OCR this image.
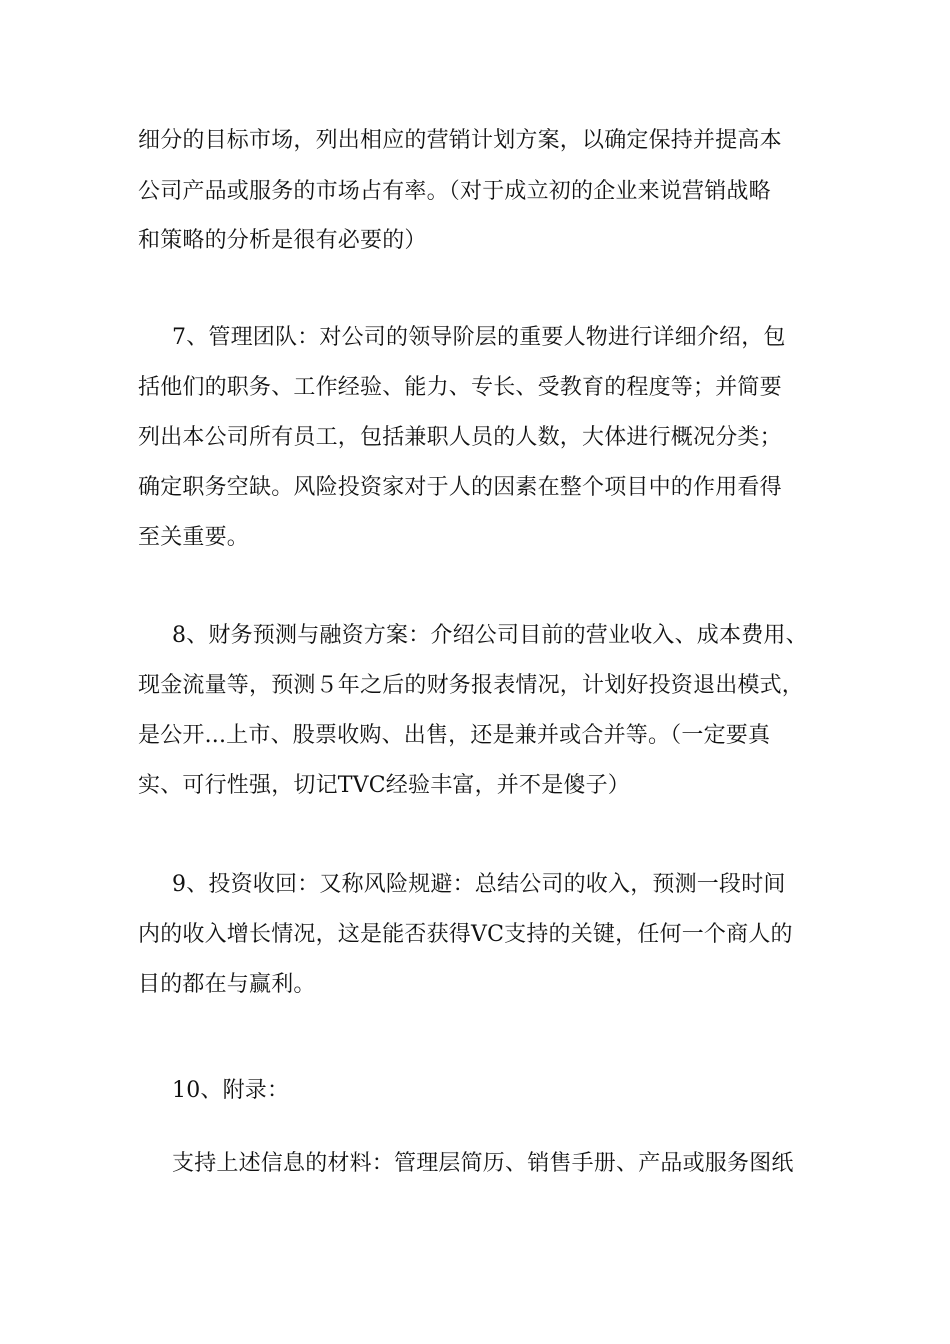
细分的目标市场，列出相应的营销计划方案，以确定保持并提高本
公司产品或服务的市场占有率。（对于成立初的企业来说营销战略
和策略的分析是很有必要的）
7、管理团队：对公司的领导阶层的重要人物进行详细介绍，包
括他们的职务、工作经验、能力、专长、受教育的程度等；并简要
列出本公司所有员工，包括兼职人员的人数，大体进行概况分类；
确定职务空缺。风险投资家对于人的因素在整个项目中的作用看得
至关重要。
8、财务预测与融资方案：介绍公司目前的营业收入、成本费用、
现金流量等，预测５年之后的财务报表情况，计划好投资退出模式，
是公开...上市、股票收购、出售，还是兼并或合并等。（一定要真
实、可行性强，切记TVC经验丰富，并不是傻子）
9、投资收回：又称风险规避：总结公司的收入，预测一段时间
内的收入增长情况，这是能否获得VC支持的关键，任何一个商人的
目的都在与赢利。
10、附录：
支持上述信息的材料：管理层简历、销售手册、产品或服务图纸
